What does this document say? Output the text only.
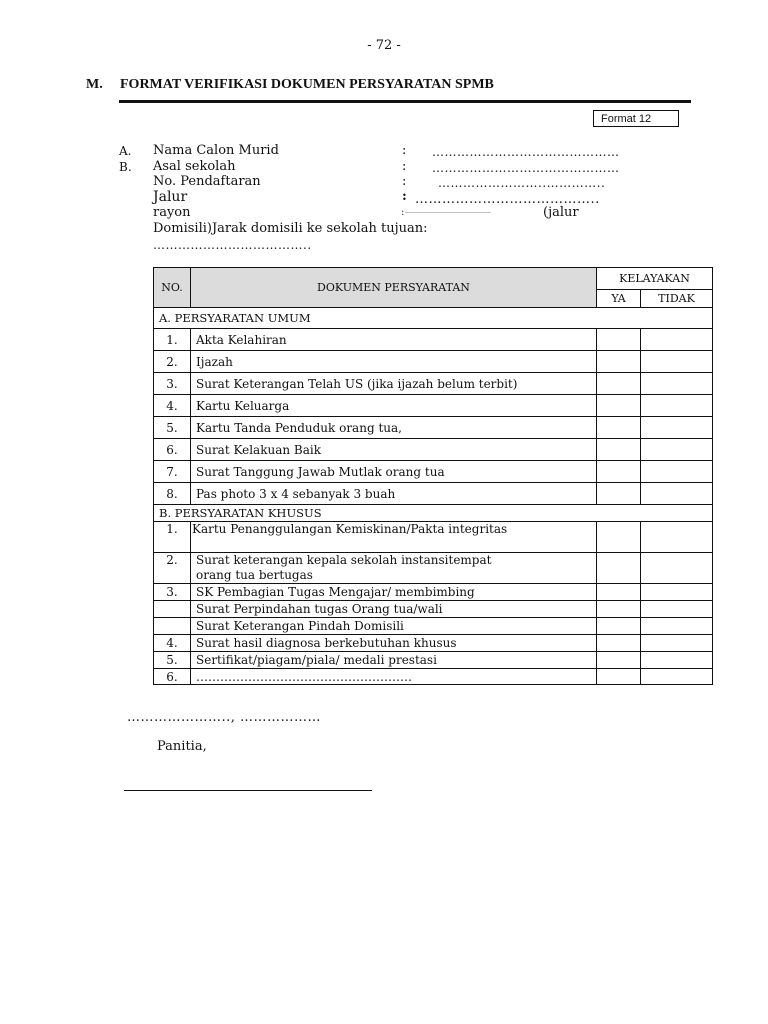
- 72 -
M. FORMAT VERIFIKASI DOKUMEN PERSYARATAN SPMB
Format 12
A. Nama Calon Murid	: ………………………………………
B. Asal sekolah	: ………………………………………
No. Pendaftaran	:	……………………..…………..
Jalur	: …………………………………..
rayon	: …………………………………….	(jalur
Domisili)Jarak domisili ke sekolah tujuan:
………………………………..
NO.	DOKUMEN PERSYARATAN	KELAYAKAN	
		YA	TIDAK
A. PERSYARATAN UMUM			
1.	Akta Kelahiran		
2.	Ijazah		
3.	Surat Keterangan Telah US (jika ijazah belum terbit)		
4.	Kartu Keluarga		
5.	Kartu Tanda Penduduk orang tua,		
6.	Surat Kelakuan Baik		
7.	Surat Tanggung Jawab Mutlak orang tua		
8.	Pas photo 3 x 4 sebanyak 3 buah		
B. PERSYARATAN KHUSUS			
1.	Kartu Penanggulangan Kemiskinan/Pakta integritas		
2.	Surat keterangan kepala sekolah instansitempat
orang tua bertugas		

3.	SK Pembagian Tugas Mengajar/ membimbing		
	Surat Perpindahan tugas Orang tua/wali		
	Surat Keterangan Pindah Domisili		
4.	Surat hasil diagnosa berkebutuhan khusus		
5.	Sertifikat/piagam/piala/ medali prestasi		
6.	………………………………………………		
………………….., ………………
Panitia,
